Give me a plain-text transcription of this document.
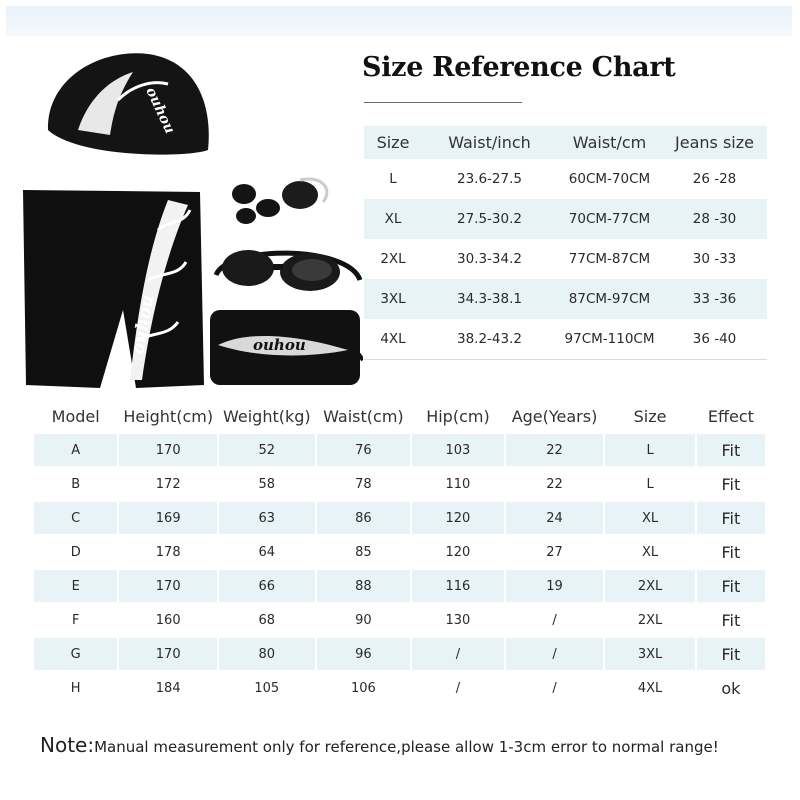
Size Reference Chart
ouhou
ouhou	ouhou
Size	Waist/inch	Waist/cm	Jeans size
L	23.6-27.5	60CM-70CM	26 -28
XL	27.5-30.2	70CM-77CM	28 -30
2XL	30.3-34.2	77CM-87CM	30 -33
3XL	34.3-38.1	87CM-97CM	33 -36
4XL	38.2-43.2	97CM-110CM	36 -40
Model	Height(cm)	Weight(kg)	Waist(cm)	Hip(cm)	Age(Years)	Size	Effect
A	170	52	76	103	22	L	Fit
B	172	58	78	110	22	L	Fit
C	169	63	86	120	24	XL	Fit
D	178	64	85	120	27	XL	Fit
E	170	66	88	116	19	2XL	Fit
F	160	68	90	130	/	2XL	Fit
G	170	80	96	/	/	3XL	Fit
H	184	105	106	/	/	4XL	ok
Note:Manual measurement only for reference,please allow 1-3cm error to normal range!
